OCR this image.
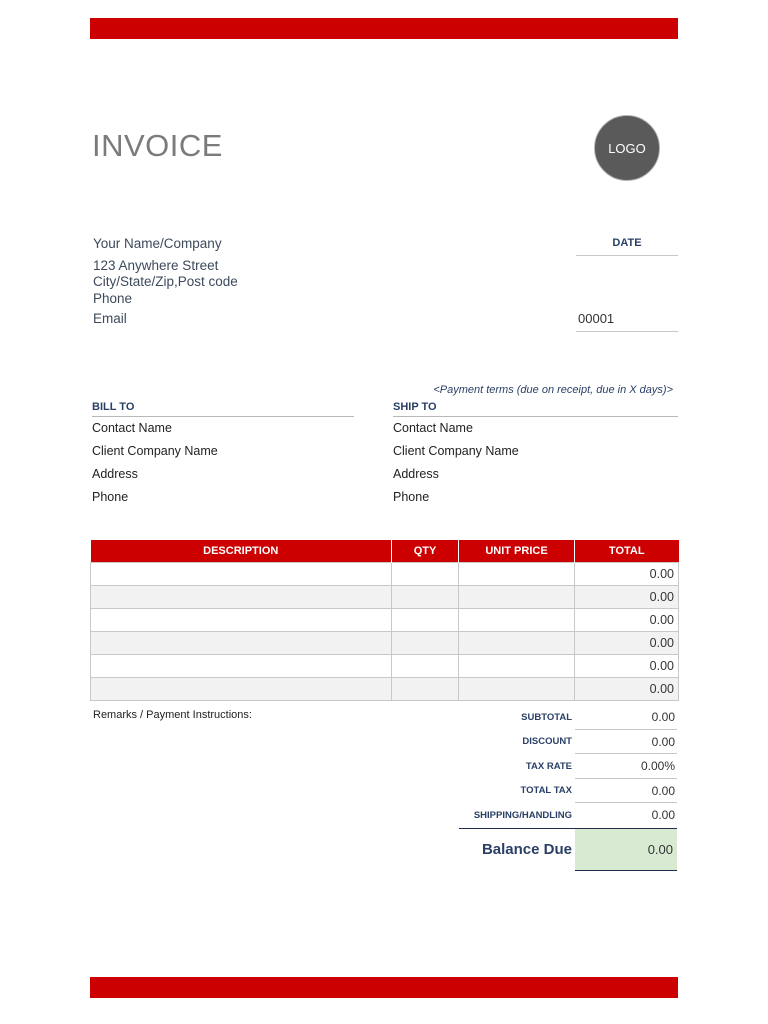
INVOICE	LOGO
Your Name/Company
123 Anywhere Street
City/State/Zip,Post code
Phone
Email
DATE
00001
<Payment terms (due on receipt, due in X days)>
BILL TO
Contact Name
Client Company Name
Address
Phone
SHIP TO
Contact Name
Client Company Name
Address
Phone
DESCRIPTION	QTY	UNIT PRICE	TOTAL
			0.00
			0.00
			0.00
			0.00
			0.00
			0.00
Remarks / Payment Instructions:	SUBTOTAL	0.00
DISCOUNT	0.00
TAX RATE	0.00%
TOTAL TAX	0.00
SHIPPING/HANDLING	0.00
Balance Due	0.00
